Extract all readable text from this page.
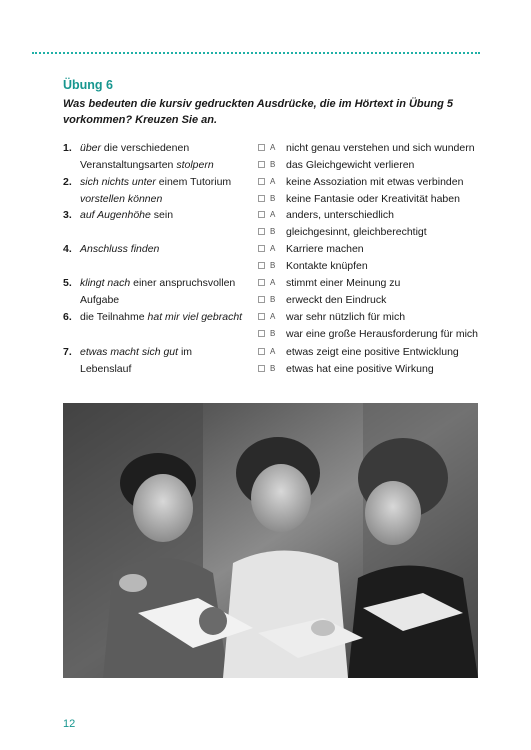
Übung 6
Was bedeuten die kursiv gedruckten Ausdrücke, die im Hörtext in Übung 5 vorkommen? Kreuzen Sie an.
1. über die verschiedenen Veranstaltungsarten stolpern
A nicht genau verstehen und sich wundern
B das Gleichgewicht verlieren
2. sich nichts unter einem Tutorium vorstellen können
A keine Assoziation mit etwas verbinden
B keine Fantasie oder Kreativität haben
3. auf Augenhöhe sein	A anders, unterschiedlich
B gleichgesinnt, gleichberechtigt
4. Anschluss finden	A Karriere machen
B Kontakte knüpfen
5. klingt nach einer anspruchsvollen Aufgabe
A stimmt einer Meinung zu
B erweckt den Eindruck
6. die Teilnahme hat mir viel gebracht	A war sehr nützlich für mich
B war eine große Herausforderung für mich
7. etwas macht sich gut im Lebenslauf
A etwas zeigt eine positive Entwicklung
B etwas hat eine positive Wirkung
12
